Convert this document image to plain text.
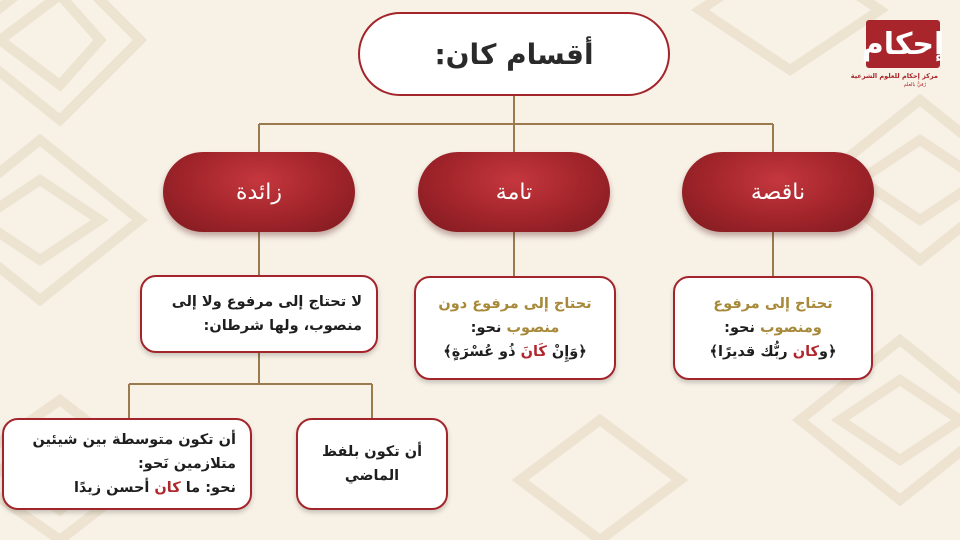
إحكام
مركز إحكام للعلوم الشرعية
رُقيٌّ بالعلم
أقسام كان:
ناقصة
تامة
زائدة
تحتاج إلى مرفوع
ومنصوب نحو:
﴿وكان ربُّك قديرًا﴾
تحتاج إلى مرفوع دون
منصوب نحو:
﴿وَإِنْ كَانَ ذُو عُسْرَةٍ﴾
لا تحتاج إلى مرفوع ولا إلى
منصوب، ولها شرطان:
أن تكون بلفظ
الماضي
أن تكون متوسطة بين شيئين
متلازمين نَحو:
نحو: ما كان أحسن زيدًا
